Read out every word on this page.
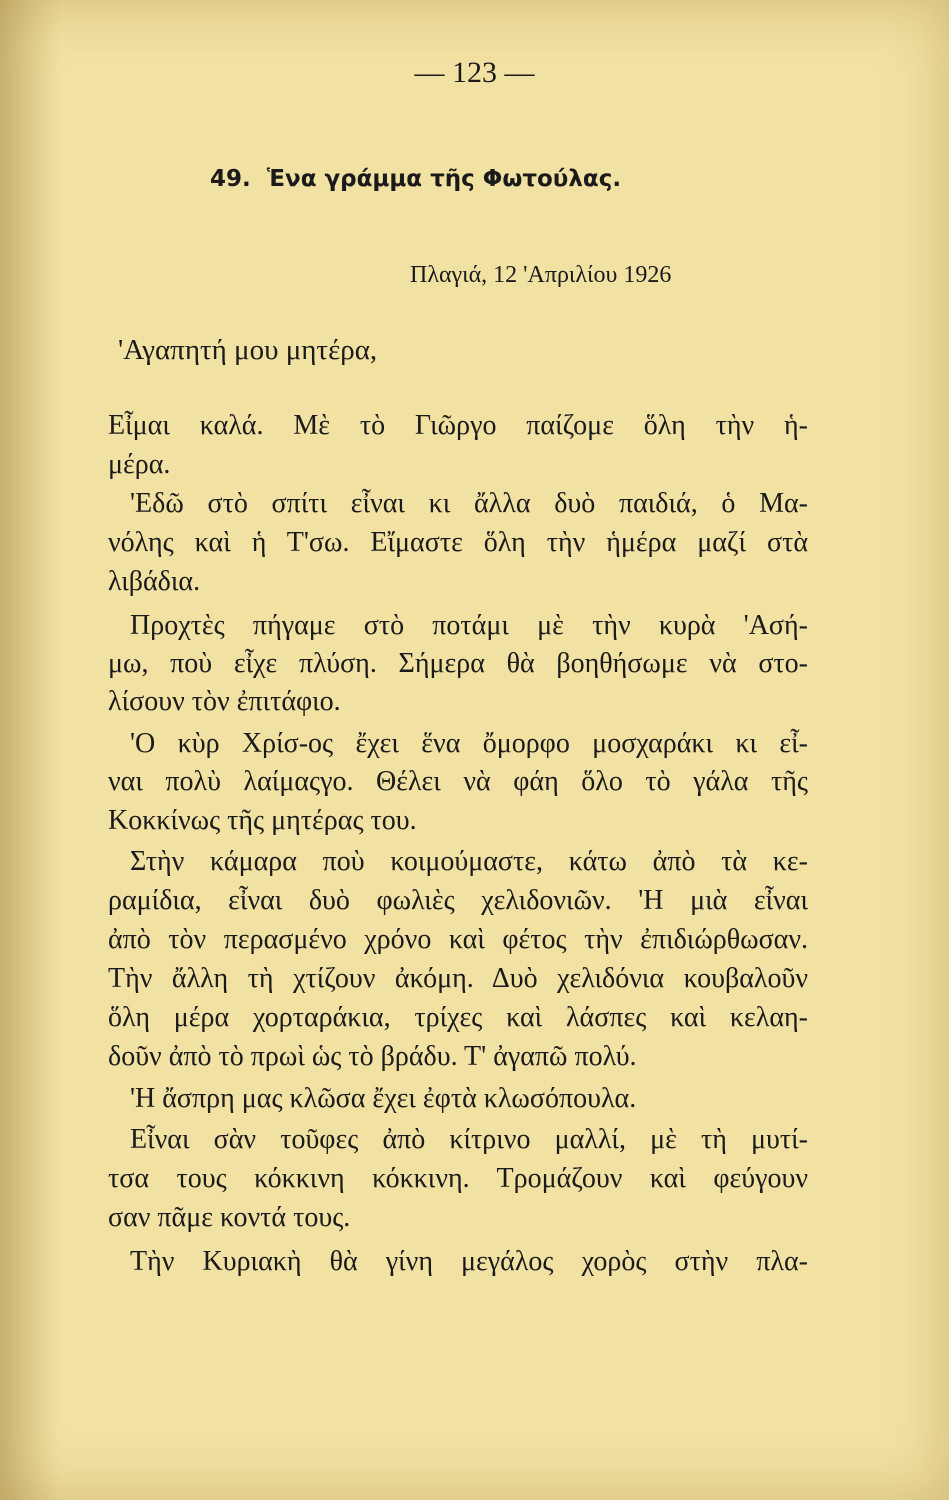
— 123 —
49. Ἑνα γράμμα τῆς Φωτούλας.
Πλαγιά, 12 'Απριλίου 1926
'Αγαπητή μου μητέρα,
Εἶμαι καλά. Μὲ τὸ Γιῶργο παίζομε ὅλη τὴν ἡ-
μέρα.
'Εδῶ στὸ σπίτι εἶναι κι ἄλλα δυὸ παιδιά, ὁ Μα-
νόλης καὶ ἡ Τ'σω. Εἴμαστε ὅλη τὴν ἡμέρα μαζί στὰ
λιβάδια.
Προχτὲς πήγαμε στὸ ποτάμι μὲ τὴν κυρὰ 'Ασή-
μω, ποὺ εἶχε πλύση. Σήμερα θὰ βοηθήσωμε νὰ στο-
λίσουν τὸν ἐπιτάφιο.
'Ο κὺρ Χρίσ-ος ἔχει ἕνα ὄμορφο μοσχαράκι κι εἶ-
ναι πολὺ λαίμαςγο. Θέλει νὰ φάη ὅλο τὸ γάλα τῆς
Κοκκίνως τῆς μητέρας του.
Στὴν κάμαρα ποὺ κοιμούμαστε, κάτω ἀπὸ τὰ κε-
ραμίδια, εἶναι δυὸ φωλιὲς χελιδονιῶν. 'Η μιὰ εἶναι
ἀπὸ τὸν περασμένο χρόνο καὶ φέτος τὴν ἐπιδιώρθωσαν.
Τὴν ἄλλη τὴ χτίζουν ἀκόμη. Δυὸ χελιδόνια κουβαλοῦν
ὅλη μέρα χορταράκια, τρίχες καὶ λάσπες καὶ κελαη-
δοῦν ἀπὸ τὸ πρωὶ ὡς τὸ βράδυ. Τ' ἀγαπῶ πολύ.
'Η ἄσπρη μας κλῶσα ἔχει ἐφτὰ κλωσόπουλα.
Εἶναι σὰν τοῦφες ἀπὸ κίτρινο μαλλί, μὲ τὴ μυτί-
τσα τους κόκκινη κόκκινη. Τρομάζουν καὶ φεύγουν
σαν πᾶμε κοντά τους.
Τὴν Κυριακὴ θὰ γίνη μεγάλος χορὸς στὴν πλα-
